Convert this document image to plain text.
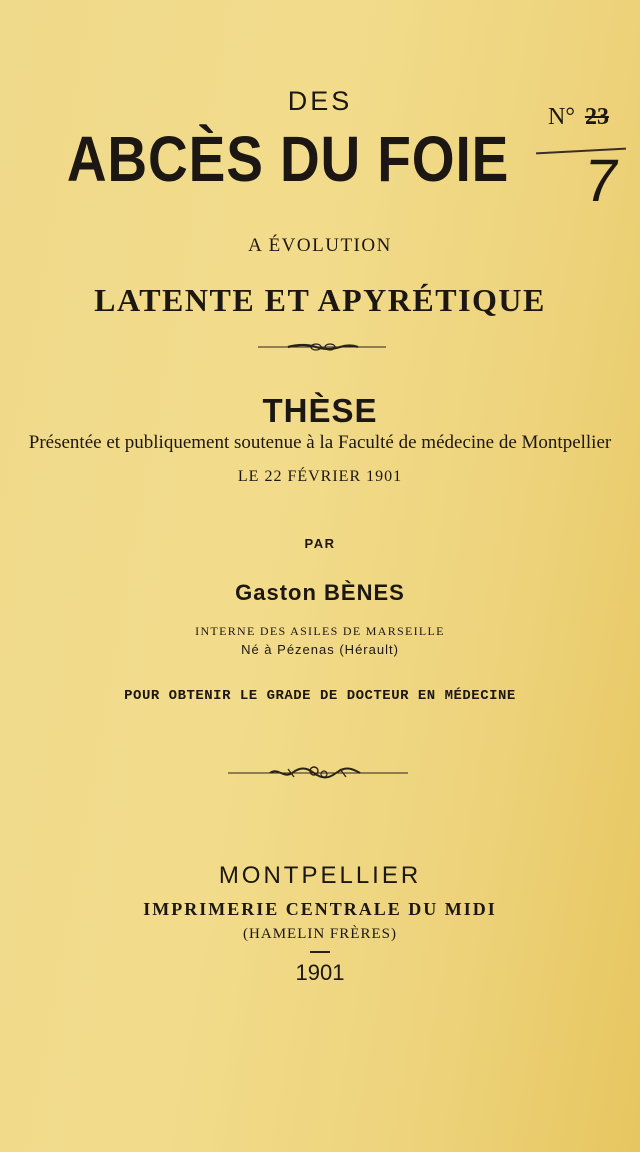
DES
ABCÈS DU FOIE
N° 23
7
A ÉVOLUTION
LATENTE ET APYRÉTIQUE
THÈSE
Présentée et publiquement soutenue à la Faculté de médecine de Montpellier
LE 22 FÉVRIER 1901
PAR
Gaston BÈNES
INTERNE DES ASILES DE MARSEILLE
Né à Pézenas (Hérault)
POUR OBTENIR LE GRADE DE DOCTEUR EN MÉDECINE
MONTPELLIER
IMPRIMERIE CENTRALE DU MIDI
(HAMELIN FRÈRES)
1901
